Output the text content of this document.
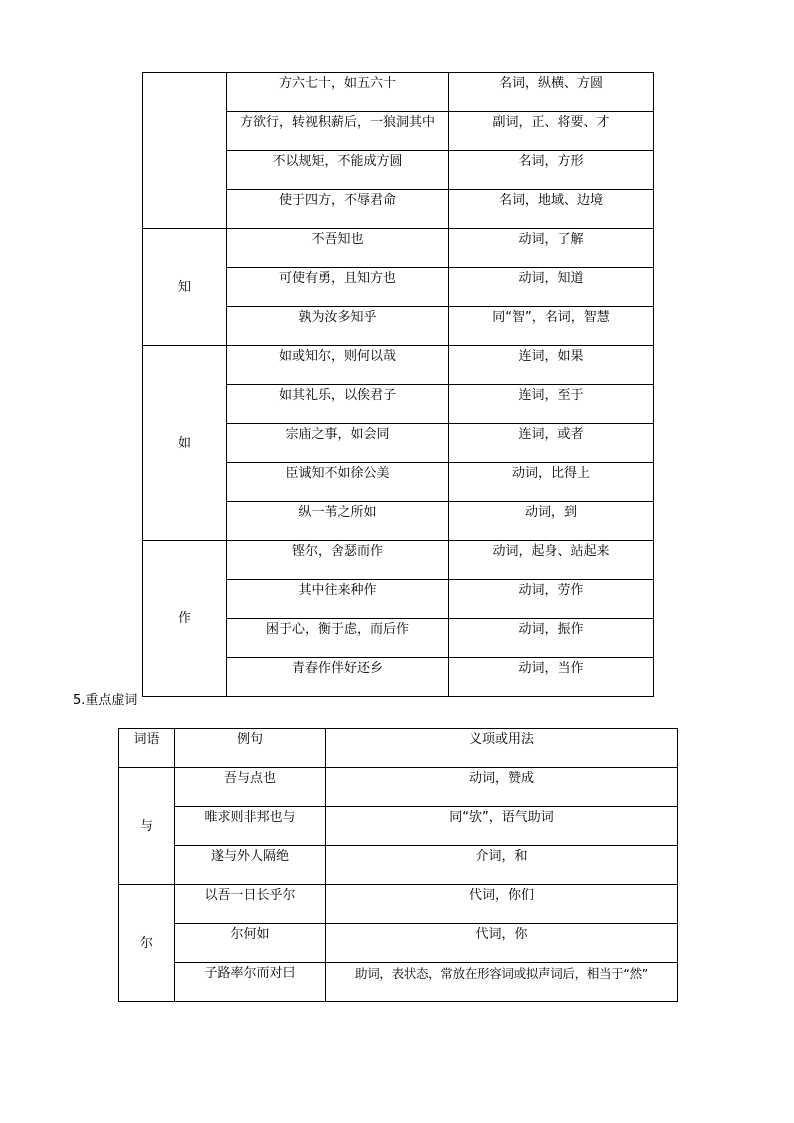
	方六七十，如五六十	名词，纵横、方圆
	方欲行，转视积薪后，一狼洞其中	副词，正、将要、才
	不以规矩，不能成方圆	名词，方形
	使于四方，不辱君命	名词，地域、边境
知	不吾知也	动词，了解
	可使有勇，且知方也	动词，知道
	孰为汝多知乎	同“智”，名词，智慧
如	如或知尔，则何以哉	连词，如果
	如其礼乐，以俟君子	连词，至于
	宗庙之事，如会同	连词，或者
	臣诚知不如徐公美	动词，比得上
	纵一苇之所如	动词，到
作	铿尔，舍瑟而作	动词，起身、站起来
	其中往来种作	动词，劳作
	困于心，衡于虑，而后作	动词，振作
	青春作伴好还乡	动词，当作
5.重点虚词
词语	例句	义项或用法
与	吾与点也	动词，赞成
	唯求则非邦也与	同“欤”，语气助词
	遂与外人隔绝	介词，和
尔	以吾一日长乎尔	代词，你们
	尔何如	代词，你
	子路率尔而对曰	助词，表状态，常放在形容词或拟声词后，相当于“然”
